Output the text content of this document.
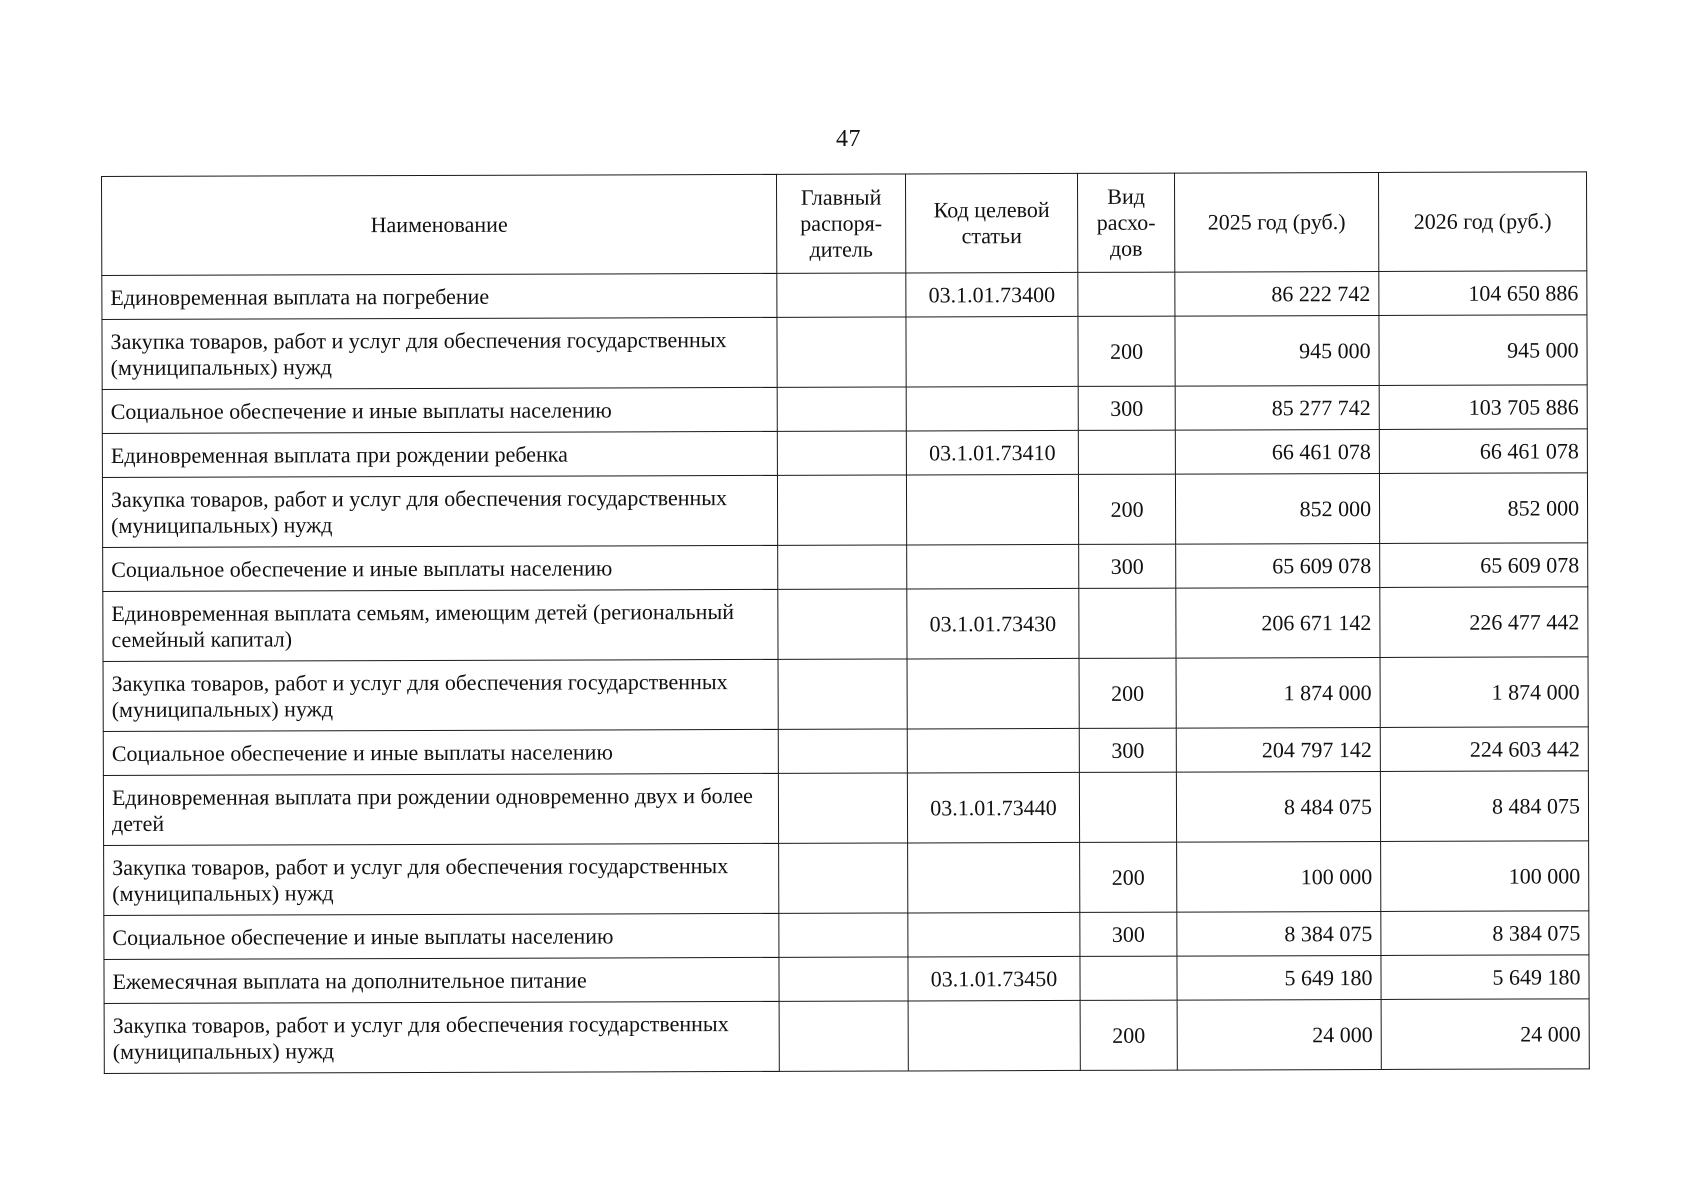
47
Наименование	Главный распоря-дитель	Код целевой статьи	Вид расхо-дов	2025 год (руб.)	2026 год (руб.)
Единовременная выплата на погребение		03.1.01.73400		86 222 742	104 650 886
Закупка товаров, работ и услуг для обеспечения государственных (муниципальных) нужд			200	945 000	945 000
Социальное обеспечение и иные выплаты населению			300	85 277 742	103 705 886
Единовременная выплата при рождении ребенка		03.1.01.73410		66 461 078	66 461 078
Закупка товаров, работ и услуг для обеспечения государственных (муниципальных) нужд			200	852 000	852 000
Социальное обеспечение и иные выплаты населению			300	65 609 078	65 609 078
Единовременная выплата семьям, имеющим детей (региональный семейный капитал)		03.1.01.73430		206 671 142	226 477 442
Закупка товаров, работ и услуг для обеспечения государственных (муниципальных) нужд			200	1 874 000	1 874 000
Социальное обеспечение и иные выплаты населению			300	204 797 142	224 603 442
Единовременная выплата при рождении одновременно двух и более детей		03.1.01.73440		8 484 075	8 484 075
Закупка товаров, работ и услуг для обеспечения государственных (муниципальных) нужд			200	100 000	100 000
Социальное обеспечение и иные выплаты населению			300	8 384 075	8 384 075
Ежемесячная выплата на дополнительное питание		03.1.01.73450		5 649 180	5 649 180
Закупка товаров, работ и услуг для обеспечения государственных (муниципальных) нужд			200	24 000	24 000
